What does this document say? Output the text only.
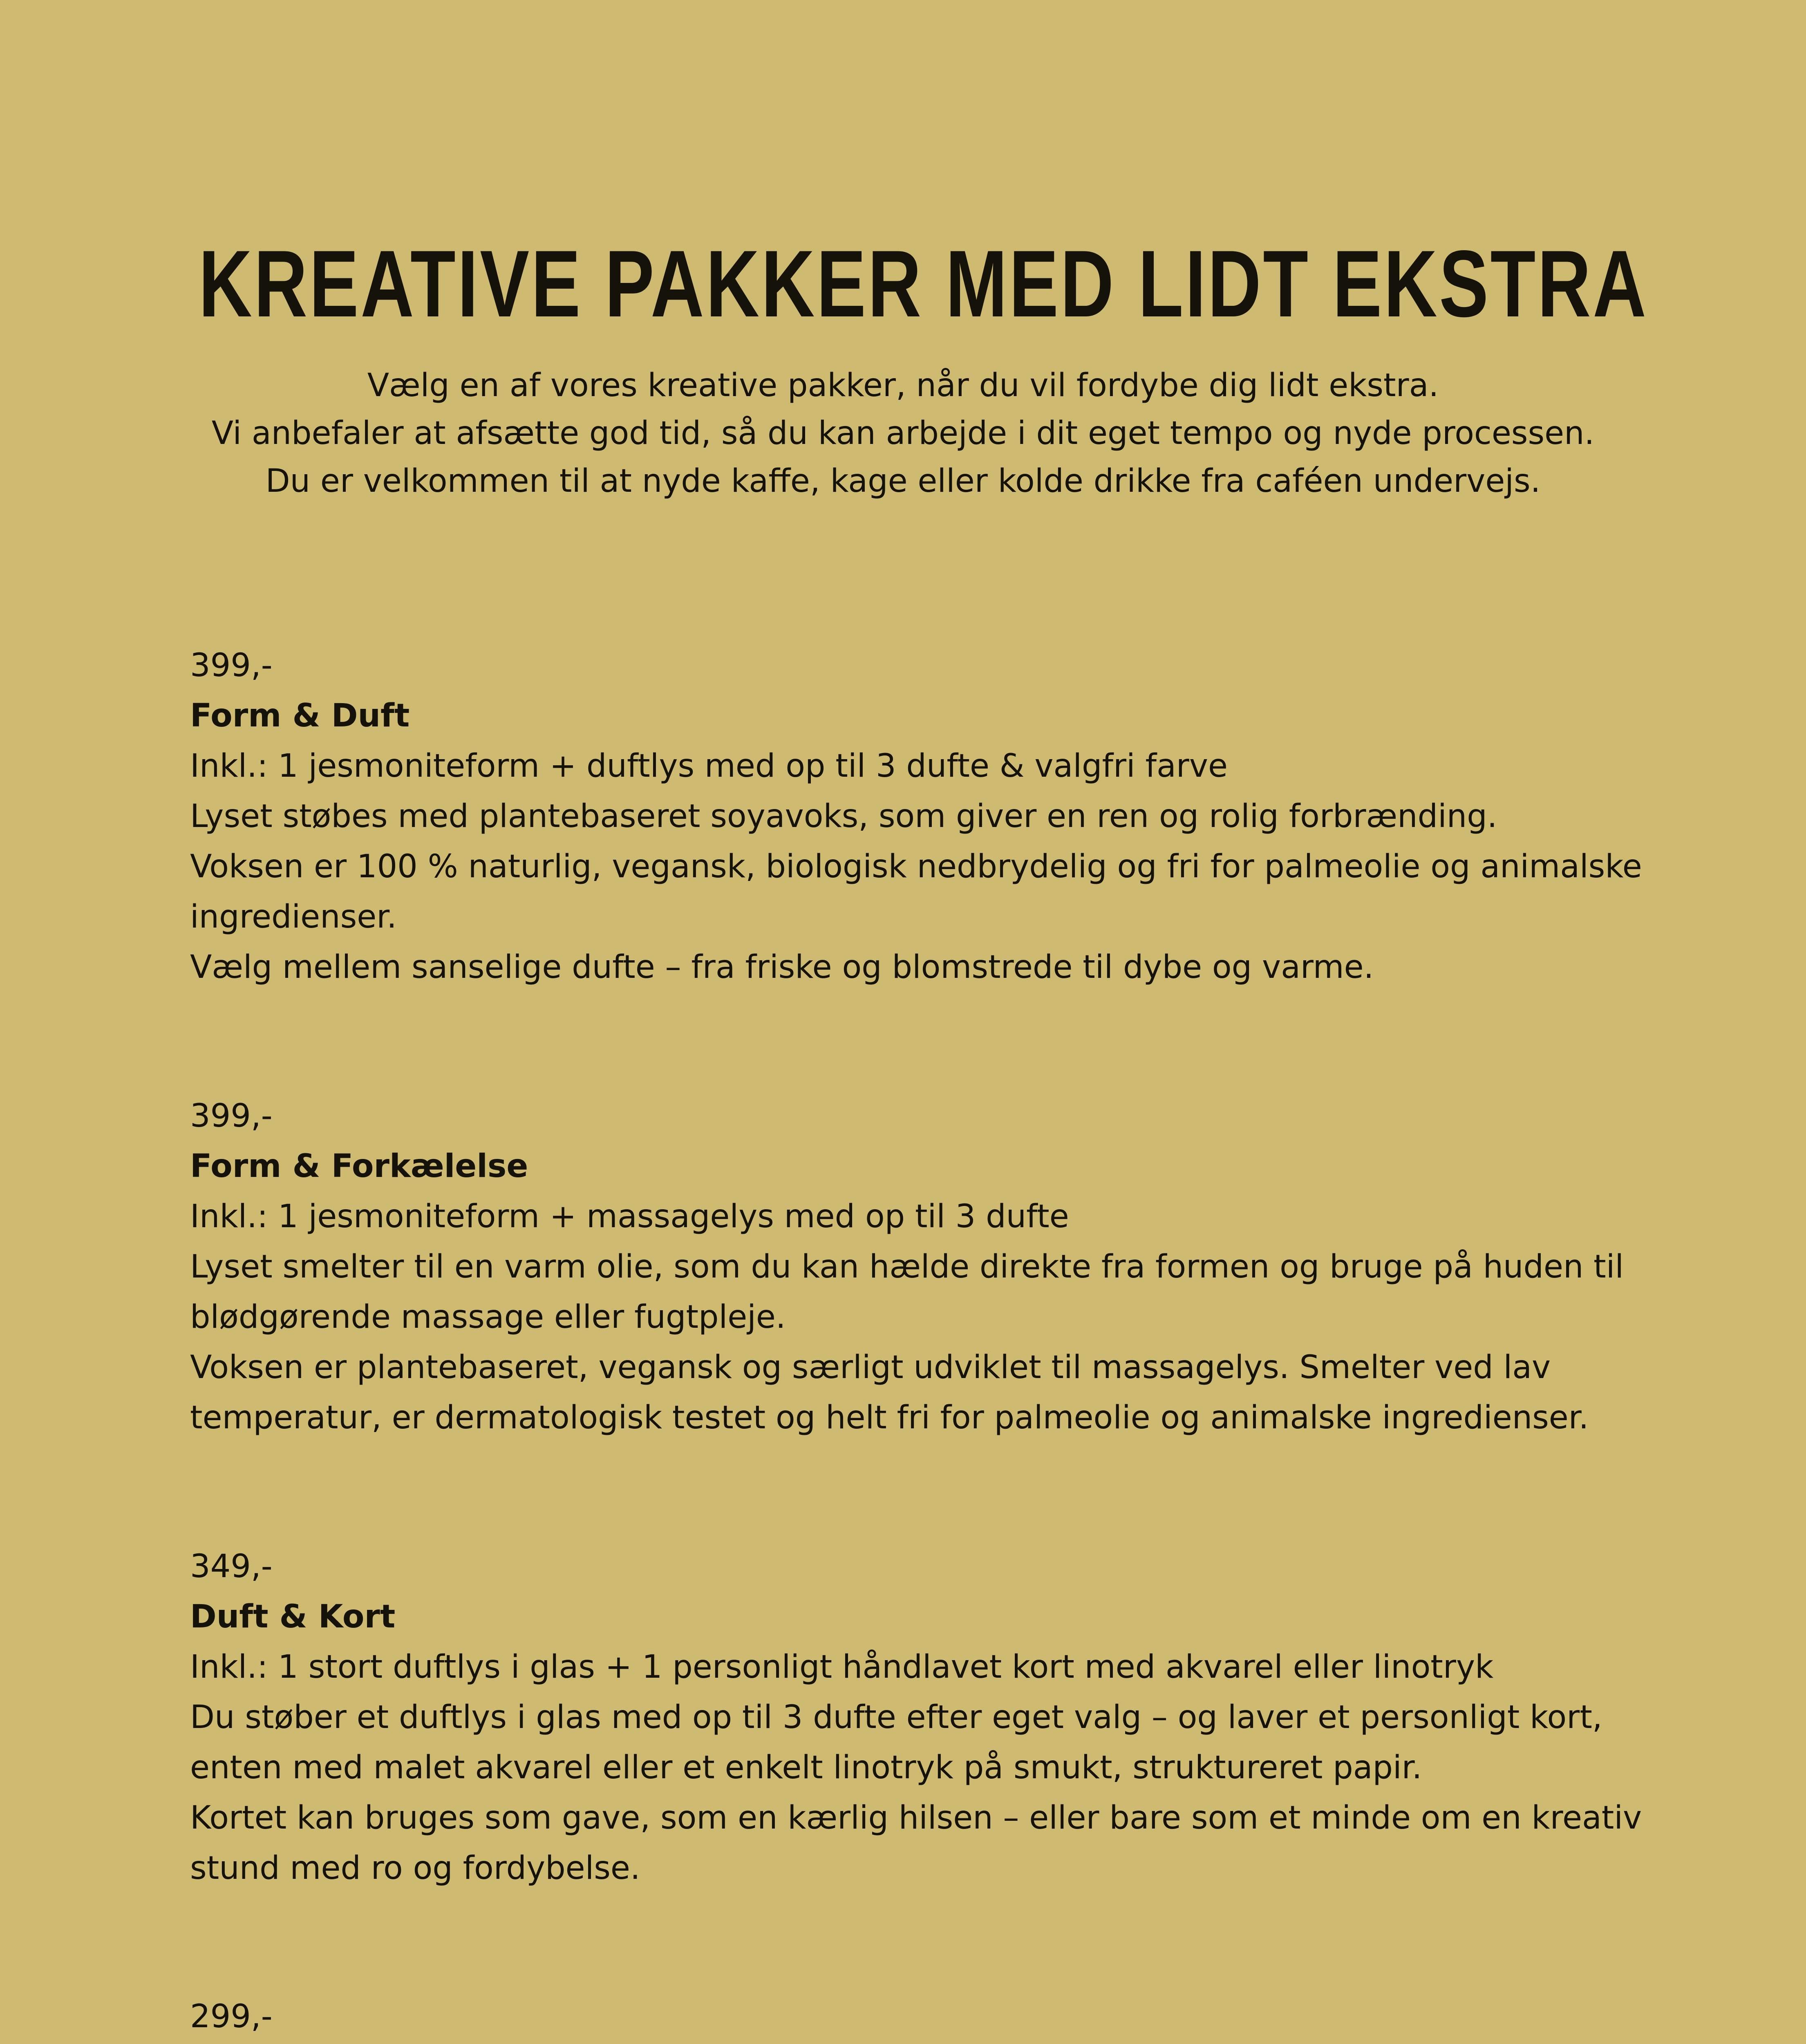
KREATIVE PAKKER MED LIDT EKSTRA
Vælg en af vores kreative pakker, når du vil fordybe dig lidt ekstra.
Vi anbefaler at afsætte god tid, så du kan arbejde i dit eget tempo og nyde processen.
Du er velkommen til at nyde kaffe, kage eller kolde drikke fra caféen undervejs.
399,-
Form & Duft
Inkl.: 1 jesmoniteform + duftlys med op til 3 dufte & valgfri farve
Lyset støbes med plantebaseret soyavoks, som giver en ren og rolig forbrænding.
Voksen er 100 % naturlig, vegansk, biologisk nedbrydelig og fri for palmeolie og animalske
ingredienser.
Vælg mellem sanselige dufte – fra friske og blomstrede til dybe og varme.
399,-
Form & Forkælelse
Inkl.: 1 jesmoniteform + massagelys med op til 3 dufte
Lyset smelter til en varm olie, som du kan hælde direkte fra formen og bruge på huden til
blødgørende massage eller fugtpleje.
Voksen er plantebaseret, vegansk og særligt udviklet til massagelys. Smelter ved lav
temperatur, er dermatologisk testet og helt fri for palmeolie og animalske ingredienser.
349,-
Duft & Kort
Inkl.: 1 stort duftlys i glas + 1 personligt håndlavet kort med akvarel eller linotryk
Du støber et duftlys i glas med op til 3 dufte efter eget valg – og laver et personligt kort,
enten med malet akvarel eller et enkelt linotryk på smukt, struktureret papir.
Kortet kan bruges som gave, som en kærlig hilsen – eller bare som et minde om en kreativ
stund med ro og fordybelse.
299,-
